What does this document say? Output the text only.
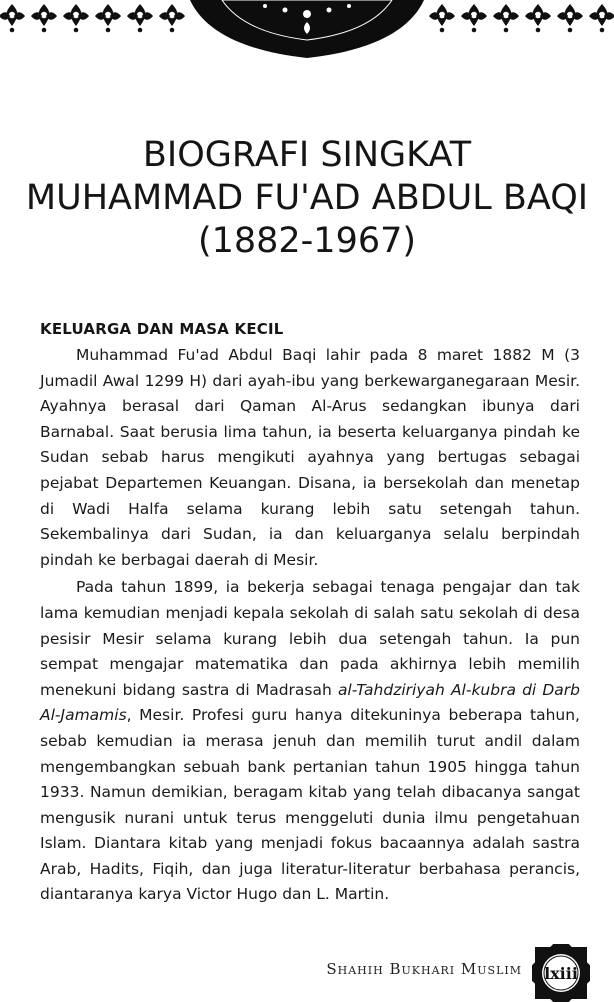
BIOGRAFI SINGKAT
MUHAMMAD FU'AD ABDUL BAQI
(1882-1967)
KELUARGA DAN MASA KECIL

Muhammad Fu'ad Abdul Baqi lahir pada 8 maret 1882 M (3 Jumadil Awal 1299 H) dari ayah-ibu yang berkewarganegaraan Mesir. Ayahnya berasal dari Qaman Al-Arus sedangkan ibunya dari Barnabal. Saat berusia lima tahun, ia beserta keluarganya pindah ke Sudan sebab harus mengikuti ayahnya yang bertugas sebagai pejabat Departemen Keuangan. Disana, ia bersekolah dan menetap di Wadi Halfa selama kurang lebih satu setengah tahun. Sekembalinya dari Sudan, ia dan keluarganya selalu berpindah pindah ke berbagai daerah di Mesir.

Pada tahun 1899, ia bekerja sebagai tenaga pengajar dan tak lama kemudian menjadi kepala sekolah di salah satu sekolah di desa pesisir Mesir selama kurang lebih dua setengah tahun. Ia pun sempat mengajar matematika dan pada akhirnya lebih memilih menekuni bidang sastra di Madrasah al-Tahdziriyah Al-kubra di Darb Al-Jamamis, Mesir. Profesi guru hanya ditekuninya beberapa tahun, sebab kemudian ia merasa jenuh dan memilih turut andil dalam mengembangkan sebuah bank pertanian tahun 1905 hingga tahun 1933. Namun demikian, beragam kitab yang telah dibacanya sangat mengusik nurani untuk terus menggeluti dunia ilmu pengetahuan Islam. Diantara kitab yang menjadi fokus bacaannya adalah sastra Arab, Hadits, Fiqih, dan juga literatur-literatur berbahasa perancis, diantaranya karya Victor Hugo dan L. Martin.

Shahih Bukhari Muslim	lxiii
